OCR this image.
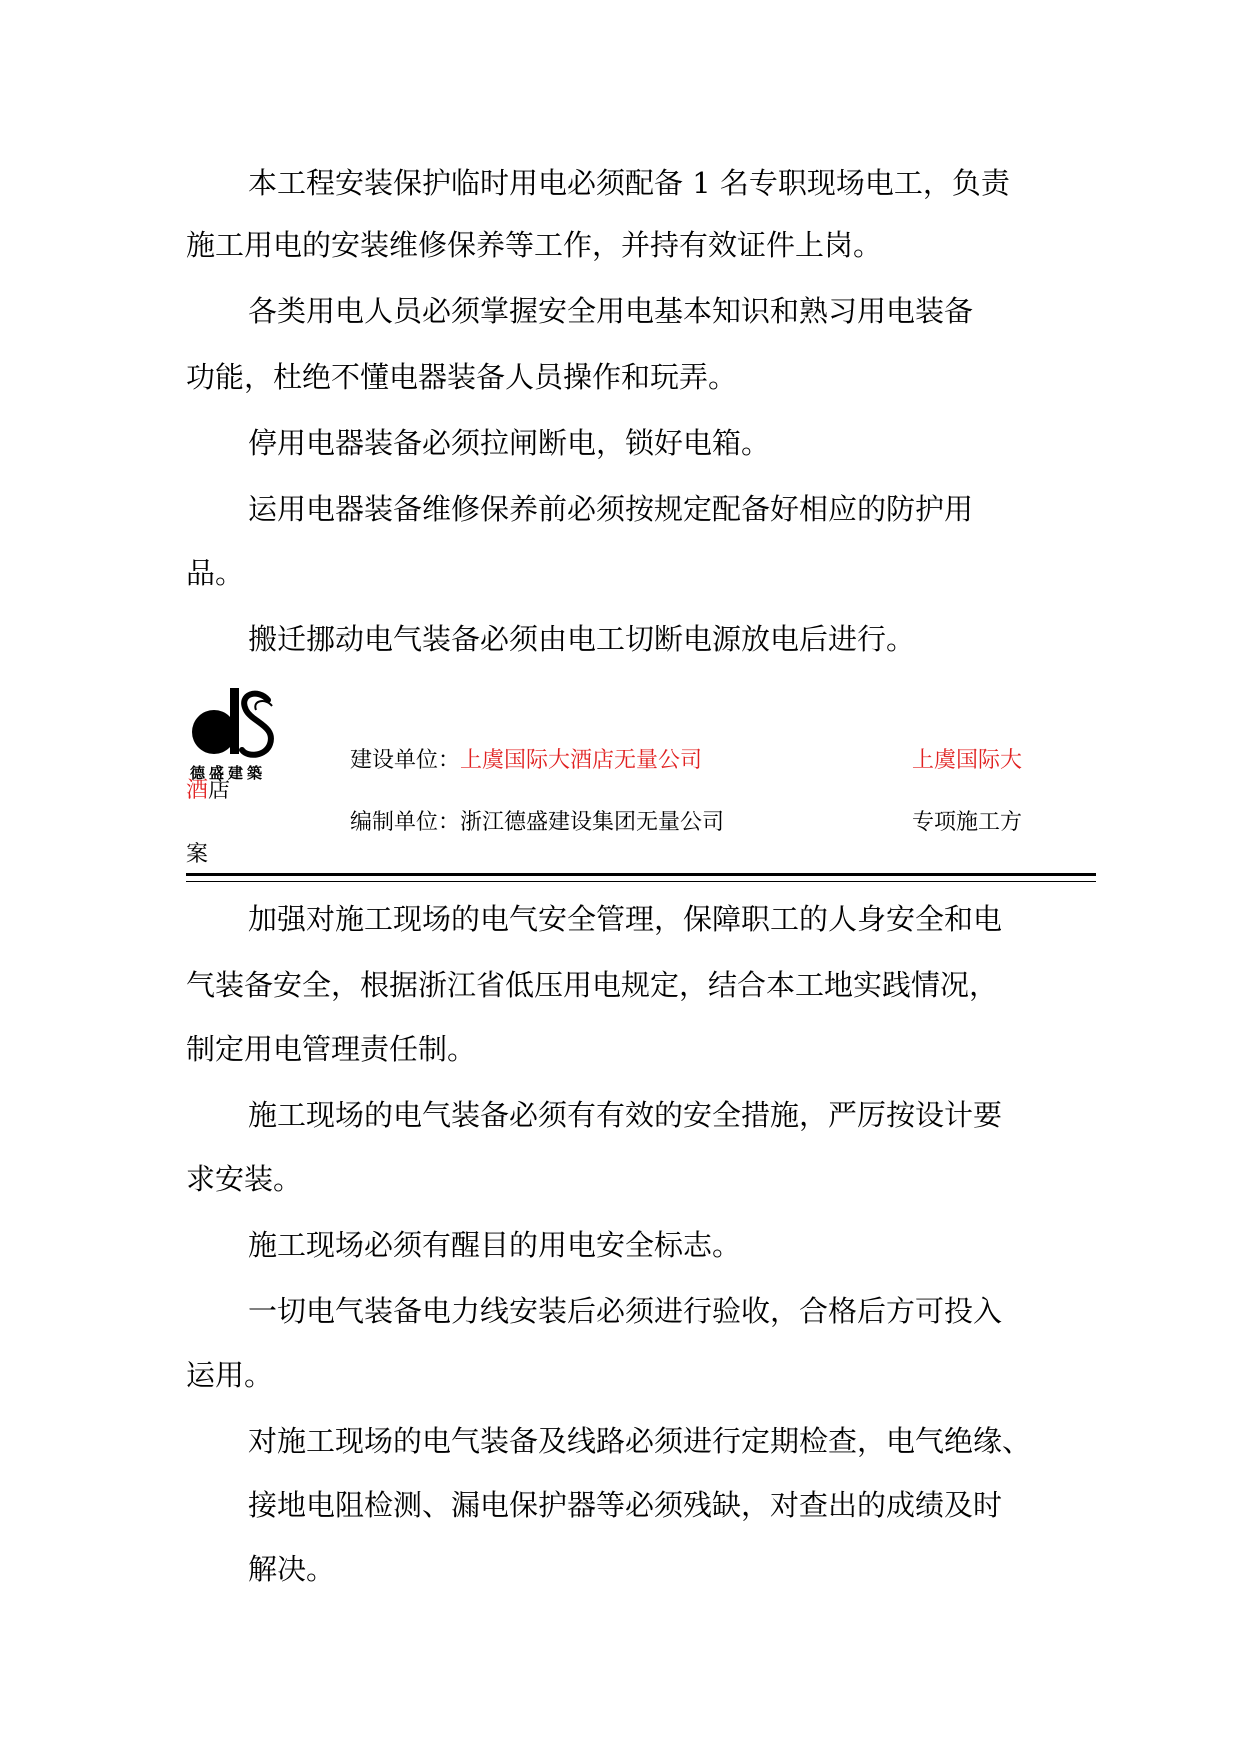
本工程安装保护临时用电必须配备 1 名专职现场电工，负责
施工用电的安装维修保养等工作，并持有效证件上岗。
各类用电人员必须掌握安全用电基本知识和熟习用电装备
功能，杜绝不懂电器装备人员操作和玩弄。
停用电器装备必须拉闸断电，锁好电箱。
运用电器装备维修保养前必须按规定配备好相应的防护用
品。
搬迁挪动电气装备必须由电工切断电源放电后进行。
德盛建築	建设单位：上虞国际大酒店无量公司	上虞国际大
酒店
编制单位：浙江德盛建设集团无量公司	专项施工方
案
加强对施工现场的电气安全管理，保障职工的人身安全和电
气装备安全，根据浙江省低压用电规定，结合本工地实践情况，
制定用电管理责任制。
施工现场的电气装备必须有有效的安全措施，严厉按设计要
求安装。
施工现场必须有醒目的用电安全标志。
一切电气装备电力线安装后必须进行验收，合格后方可投入
运用。
对施工现场的电气装备及线路必须进行定期检查，电气绝缘、
接地电阻检测、漏电保护器等必须残缺，对查出的成绩及时
解决。
